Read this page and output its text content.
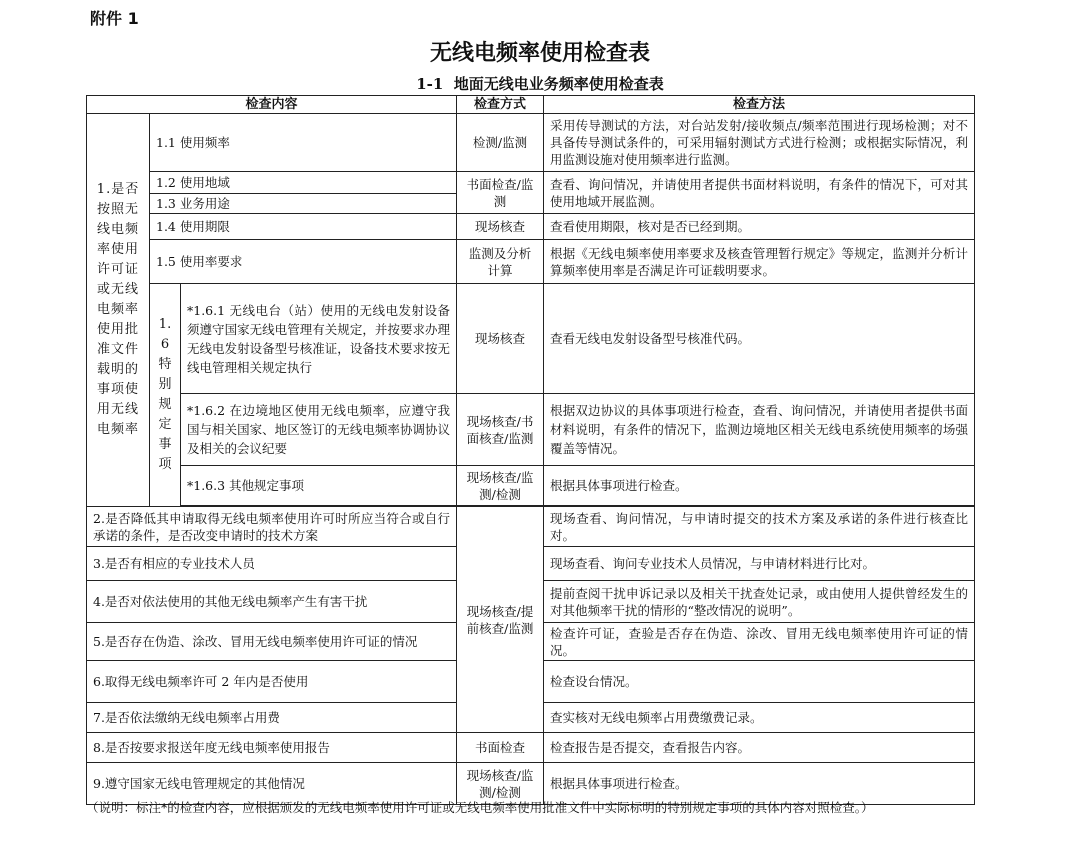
附件 1
无线电频率使用检查表
1-1 地面无线电业务频率使用检查表
检查内容			检查方式	检查方法	
1.是否按照无线电频率使用许可证或无线电频率使用批准文件载明的事项使用无线电频率	1.1 使用频率		检测/监测	采用传导测试的方法，对台站发射/接收频点/频率范围进行现场检测；对不具备传导测试条件的，可采用辐射测试方式进行检测；或根据实际情况，利用监测设施对使用频率进行监测。	
	1.2 使用地域		书面检查/监测	查看、询问情况，并请使用者提供书面材料说明，有条件的情况下，可对其使用地域开展监测。	
	1.3 业务用途				
	1.4 使用期限		现场核查	查看使用期限，核对是否已经到期。	
	1.5 使用率要求		监测及分析计算	根据《无线电频率使用率要求及核查管理暂行规定》等规定，监测并分析计算频率使用率是否满足许可证载明要求。	
	1.6特别规定事项	*1.6.1 无线电台（站）使用的无线电发射设备须遵守国家无线电管理有关规定，并按要求办理无线电发射设备型号核准证，设备技术要求按无线电管理相关规定执行	现场核查	查看无线电发射设备型号核准代码。	
		*1.6.2 在边境地区使用无线电频率，应遵守我国与相关国家、地区签订的无线电频率协调协议及相关的会议纪要	现场核查/书面核查/监测	根据双边协议的具体事项进行检查，查看、询问情况，并请使用者提供书面材料说明，有条件的情况下，监测边境地区相关无线电系统使用频率的场强覆盖等情况。	
		*1.6.3 其他规定事项	现场核查/监测/检测	根据具体事项进行检查。	

2.是否降低其申请取得无线电频率使用许可时所应当符合或自行承诺的条件，是否改变申请时的技术方案			现场核查/提前核查/监测	现场查看、询问情况，与申请时提交的技术方案及承诺的条件进行核查比对。	
3.是否有相应的专业技术人员				现场查看、询问专业技术人员情况，与申请材料进行比对。	
4.是否对依法使用的其他无线电频率产生有害干扰				提前查阅干扰申诉记录以及相关干扰查处记录，或由使用人提供曾经发生的对其他频率干扰的情形的“整改情况的说明”。	
5.是否存在伪造、涂改、冒用无线电频率使用许可证的情况				检查许可证，查验是否存在伪造、涂改、冒用无线电频率使用许可证的情况。	
6.取得无线电频率许可 2 年内是否使用				检查设台情况。	
7.是否依法缴纳无线电频率占用费				查实核对无线电频率占用费缴费记录。	
8.是否按要求报送年度无线电频率使用报告			书面检查	检查报告是否提交，查看报告内容。	
9.遵守国家无线电管理规定的其他情况			现场核查/监测/检测	根据具体事项进行检查。	
（说明：标注*的检查内容，应根据颁发的无线电频率使用许可证或无线电频率使用批准文件中实际标明的特别规定事项的具体内容对照检查。）
